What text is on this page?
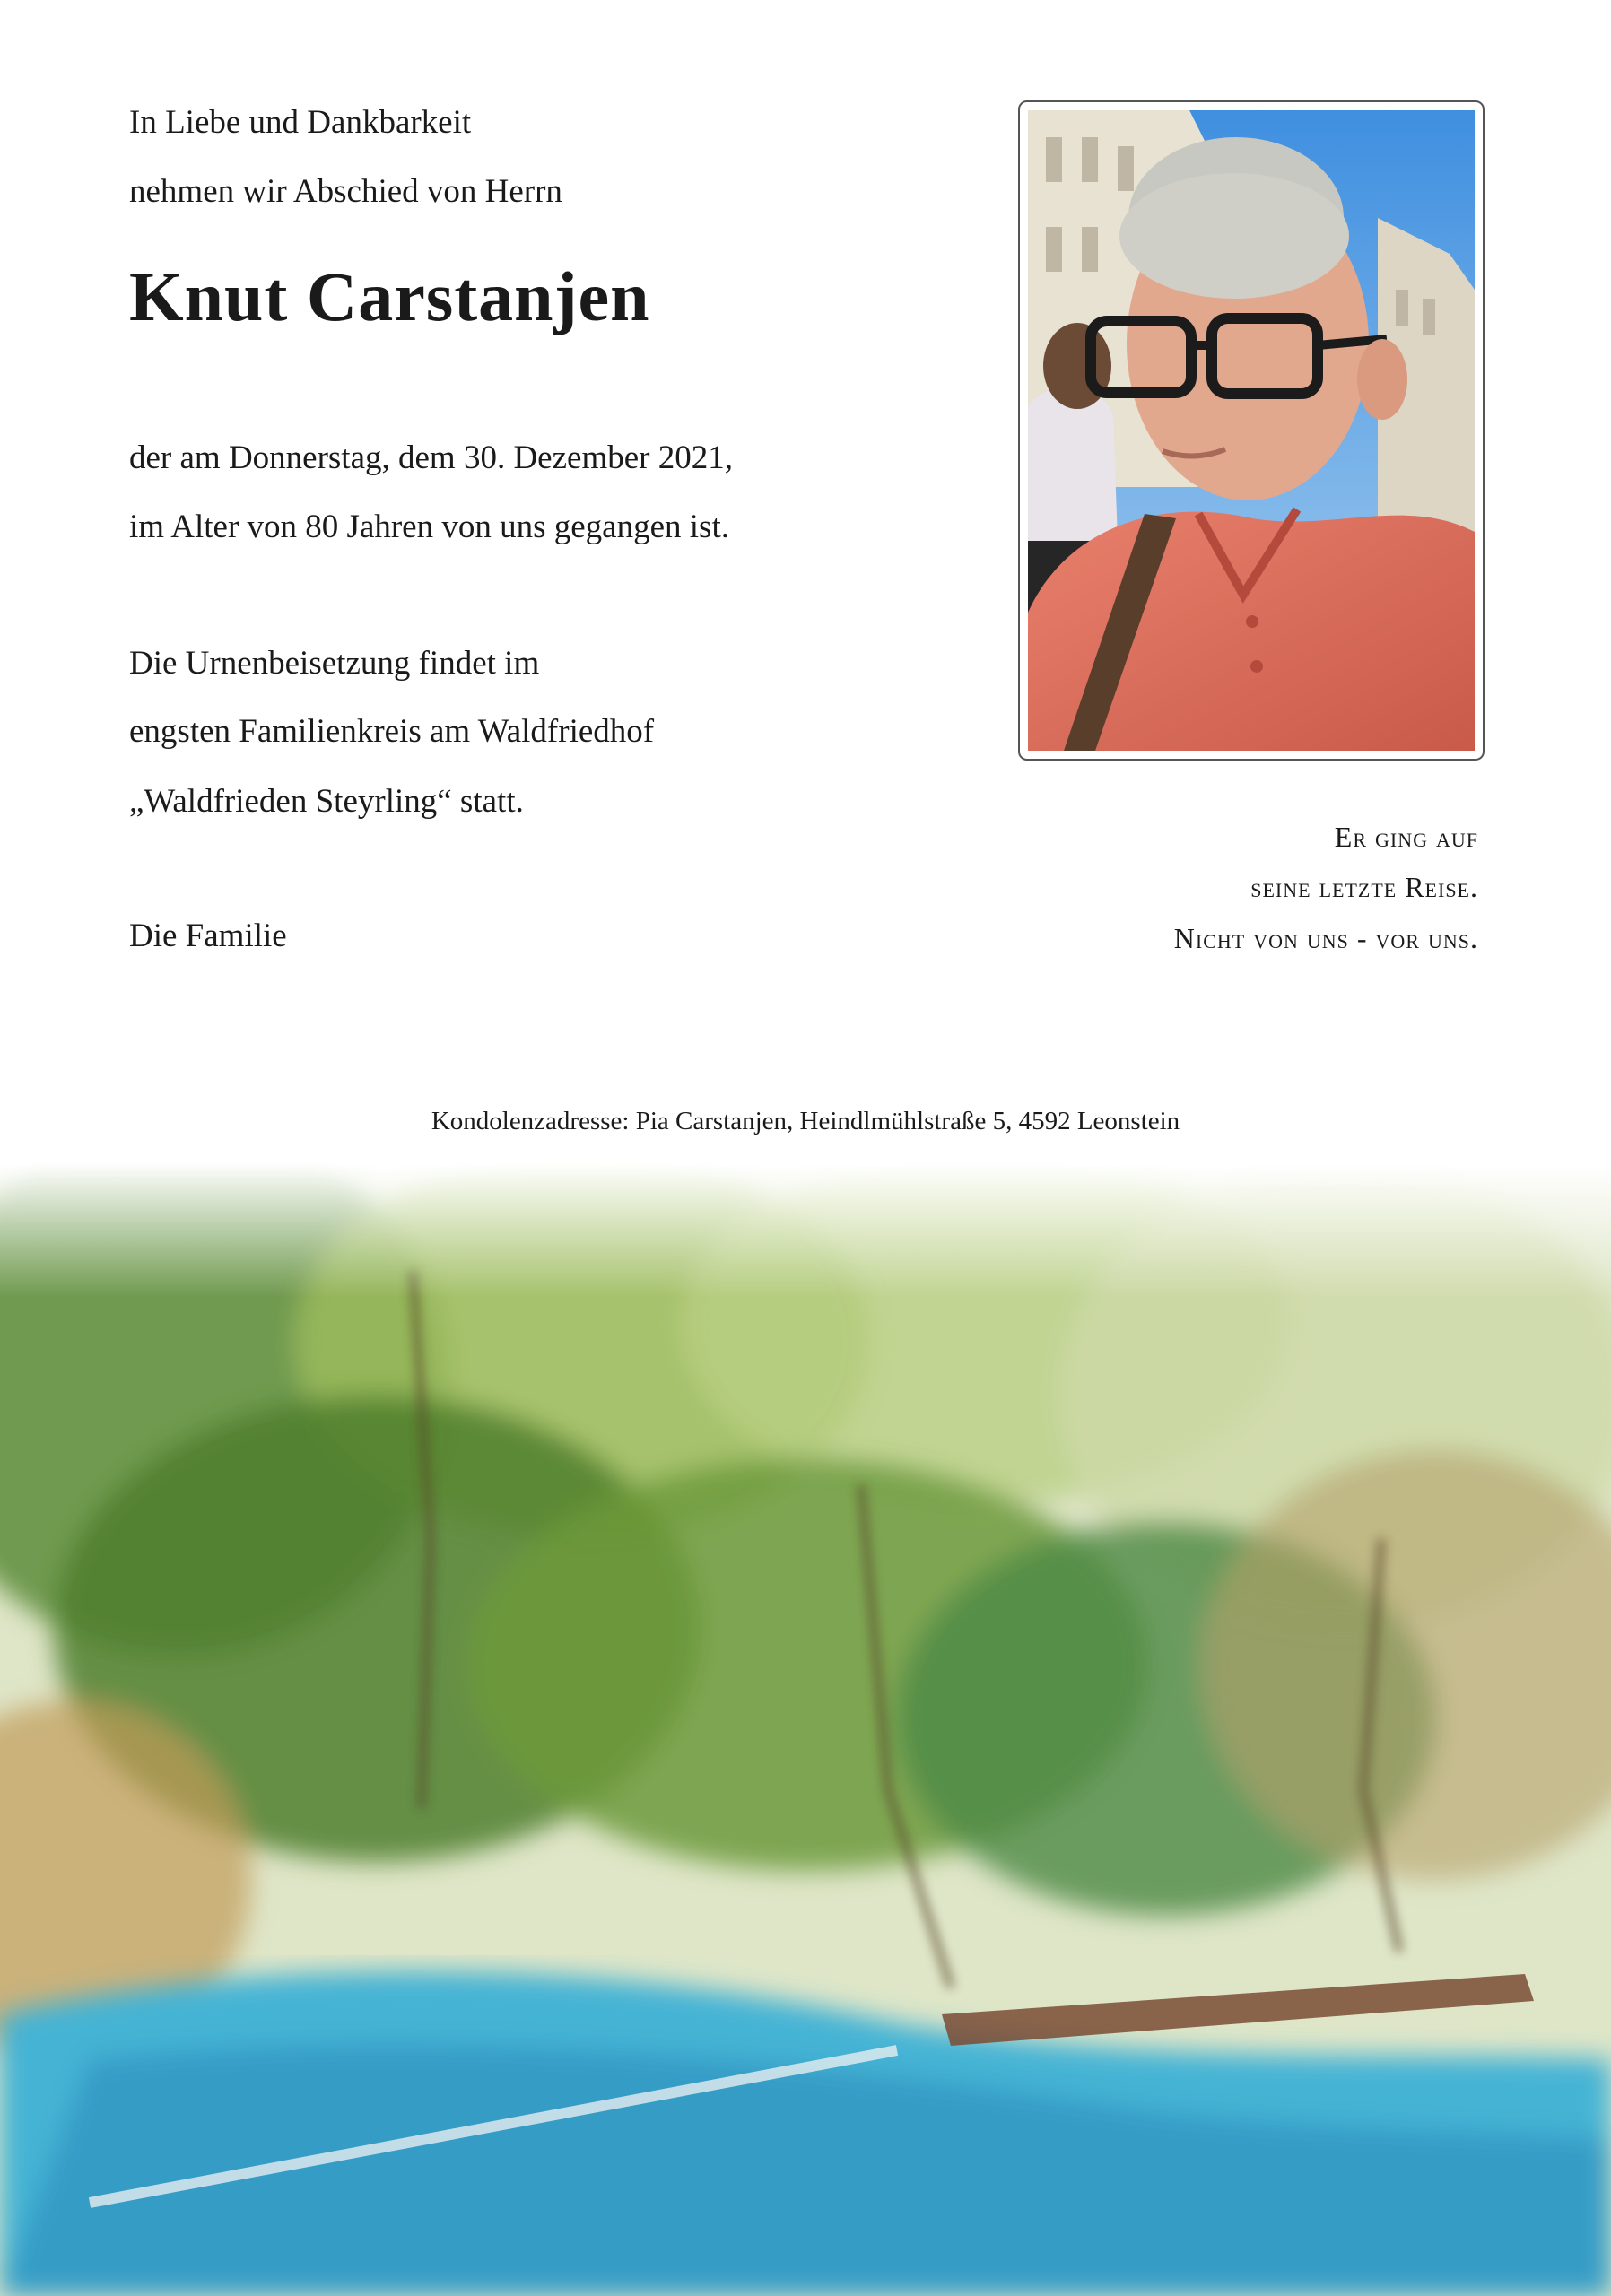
In Liebe und Dankbarkeit
nehmen wir Abschied von Herrn
Knut Carstanjen
der am Donnerstag, dem 30. Dezember 2021,
im Alter von 80 Jahren von uns gegangen ist.
Die Urnenbeisetzung findet im
engsten Familienkreis am Waldfriedhof
„Waldfrieden Steyrling“ statt.
Die Familie
Er ging auf
seine letzte Reise.
Nicht von uns - vor uns.
Kondolenzadresse: Pia Carstanjen, Heindlmühlstraße 5, 4592 Leonstein
